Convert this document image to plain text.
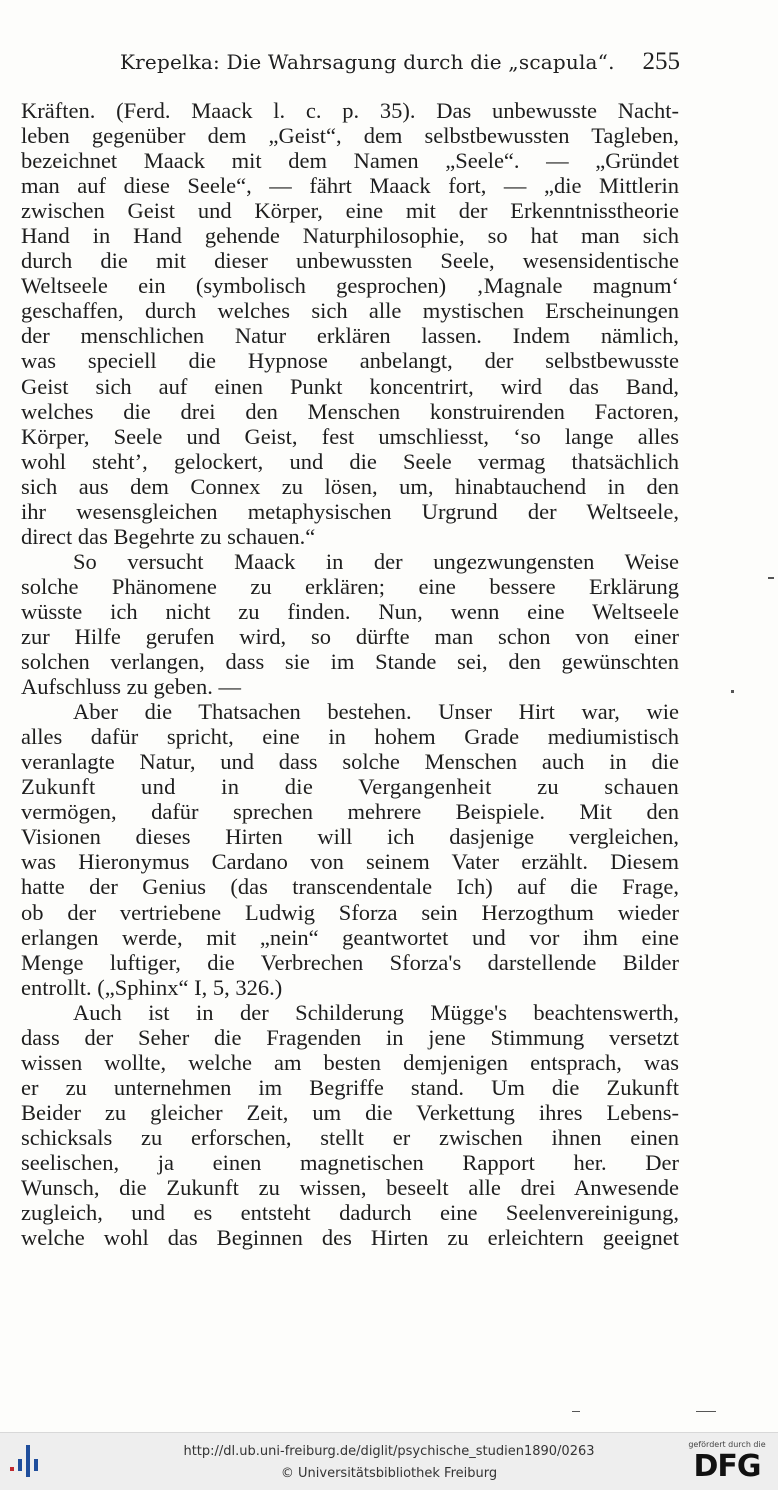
Krepelka: Die Wahrsagung durch die „scapula“. 255
Kräften. (Ferd. Maack l. c. p. 35). Das unbewusste Nacht-
leben gegenüber dem „Geist“, dem selbstbewussten Tagleben,
bezeichnet Maack mit dem Namen „Seele“. — „Gründet
man auf diese Seele“, — fährt Maack fort, — „die Mittlerin
zwischen Geist und Körper, eine mit der Erkenntnisstheorie
Hand in Hand gehende Naturphilosophie, so hat man sich
durch die mit dieser unbewussten Seele, wesensidentische
Weltseele ein (symbolisch gesprochen) ‚Magnale magnum‘
geschaffen, durch welches sich alle mystischen Erscheinungen
der menschlichen Natur erklären lassen. Indem nämlich,
was speciell die Hypnose anbelangt, der selbstbewusste
Geist sich auf einen Punkt koncentrirt, wird das Band,
welches die drei den Menschen konstruirenden Factoren,
Körper, Seele und Geist, fest umschliesst, ‘so lange alles
wohl steht’, gelockert, und die Seele vermag thatsächlich
sich aus dem Connex zu lösen, um, hinabtauchend in den
ihr wesensgleichen metaphysischen Urgrund der Weltseele,
direct das Begehrte zu schauen.“
So versucht Maack in der ungezwungensten Weise
solche Phänomene zu erklären; eine bessere Erklärung
wüsste ich nicht zu finden. Nun, wenn eine Weltseele
zur Hilfe gerufen wird, so dürfte man schon von einer
solchen verlangen, dass sie im Stande sei, den gewünschten
Aufschluss zu geben. —
Aber die Thatsachen bestehen. Unser Hirt war, wie
alles dafür spricht, eine in hohem Grade mediumistisch
veranlagte Natur, und dass solche Menschen auch in die
Zukunft und in die Vergangenheit zu schauen
vermögen, dafür sprechen mehrere Beispiele. Mit den
Visionen dieses Hirten will ich dasjenige vergleichen,
was Hieronymus Cardano von seinem Vater erzählt. Diesem
hatte der Genius (das transcendentale Ich) auf die Frage,
ob der vertriebene Ludwig Sforza sein Herzogthum wieder
erlangen werde, mit „nein“ geantwortet und vor ihm eine
Menge luftiger, die Verbrechen Sforza's darstellende Bilder
entrollt. („Sphinx“ I, 5, 326.)
Auch ist in der Schilderung Mügge's beachtenswerth,
dass der Seher die Fragenden in jene Stimmung versetzt
wissen wollte, welche am besten demjenigen entsprach, was
er zu unternehmen im Begriffe stand. Um die Zukunft
Beider zu gleicher Zeit, um die Verkettung ihres Lebens-
schicksals zu erforschen, stellt er zwischen ihnen einen
seelischen, ja einen magnetischen Rapport her. Der
Wunsch, die Zukunft zu wissen, beseelt alle drei Anwesende
zugleich, und es entsteht dadurch eine Seelenvereinigung,
welche wohl das Beginnen des Hirten zu erleichtern geeignet
http://dl.ub.uni-freiburg.de/diglit/psychische_studien1890/0263
© Universitätsbibliothek Freiburg
gefördert durch die
DFG
